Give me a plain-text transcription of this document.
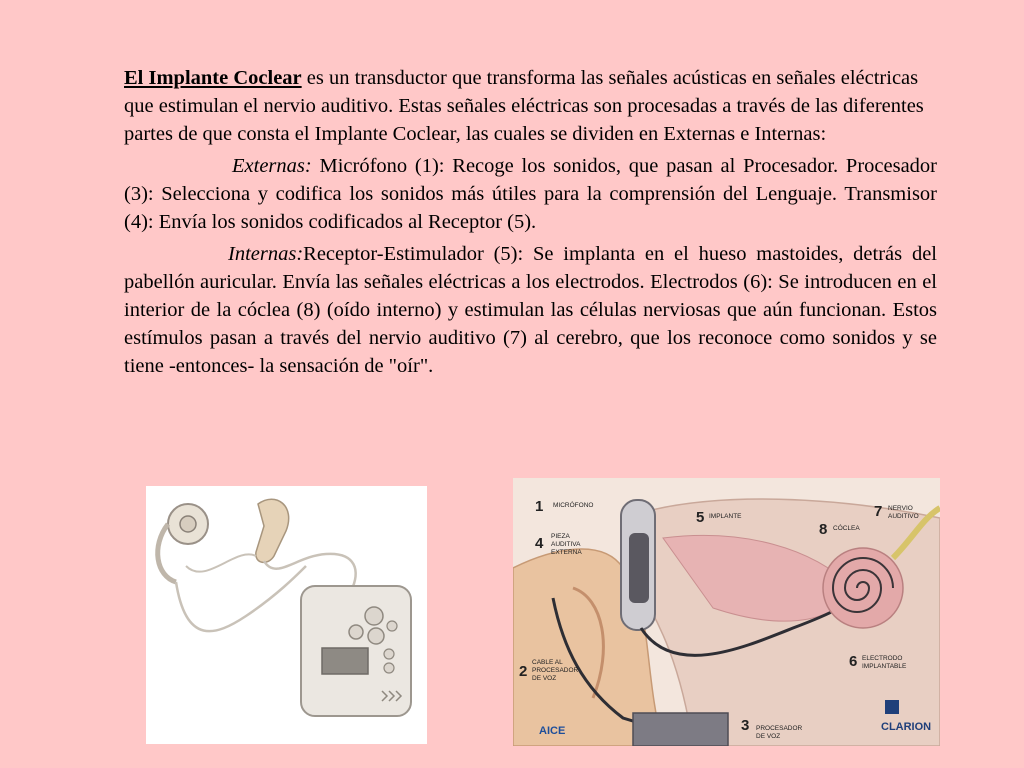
El Implante Coclear es un transductor que transforma las señales acústicas en señales eléctricas que estimulan el nervio auditivo. Estas señales eléctricas son procesadas a través de las diferentes partes de que consta el Implante Coclear, las cuales se dividen en Externas e Internas:

Externas: Micrófono (1): Recoge los sonidos, que pasan al Procesador. Procesador (3): Selecciona y codifica los sonidos más útiles para la comprensión del Lenguaje. Transmisor (4): Envía los sonidos codificados al Receptor (5).

Internas:Receptor-Estimulador (5): Se implanta en el hueso mastoides, detrás del pabellón auricular. Envía las señales eléctricas a los electrodos. Electrodos (6): Se introducen en el interior de la cóclea (8) (oído interno) y estimulan las células nerviosas que aún funcionan. Estos estímulos pasan a través del nervio auditivo (7) al cerebro, que los reconoce como sonidos y se tiene -entonces- la sensación de "oír".

1 MICRÓFONO
4 PIEZA
AUDITIVA
EXTERNA
5 IMPLANTE	7 NERVIO
AUDITIVO
8 CÓCLEA
2
CABLE AL
PROCESADOR
DE VOZ
6 ELECTRODO
IMPLANTABLE
3 PROCESADOR
DE VOZ
AICE	CLARION
